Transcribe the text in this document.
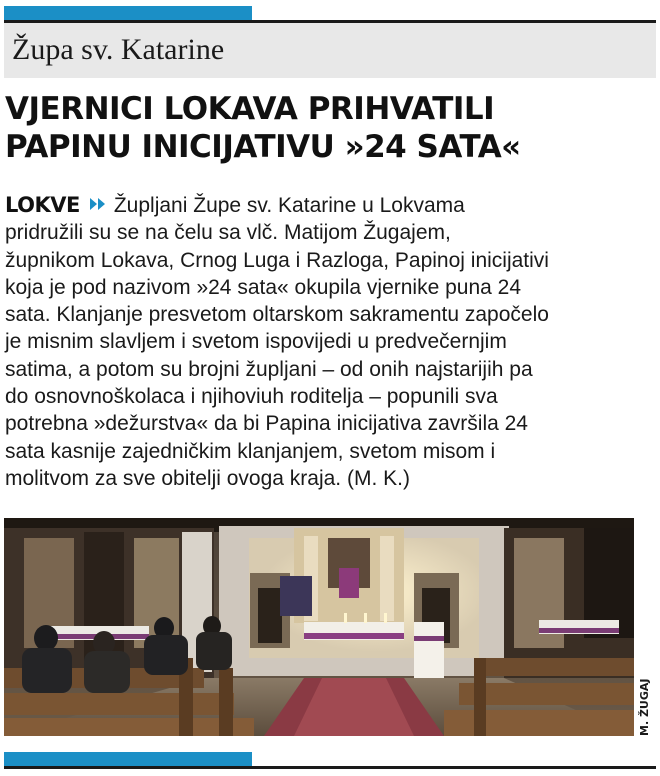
Župa sv. Katarine
VJERNICI LOKAVA PRIHVATILI
PAPINU INICIJATIVU »24 SATA«
LOKVE Župljani Župe sv. Katarine u Lokvama
pridružili su se na čelu sa vlč. Matijom Žugajem,
župnikom Lokava, Crnog Luga i Razloga, Papinoj inicijativi
koja je pod nazivom »24 sata« okupila vjernike puna 24
sata. Klanjanje presvetom oltarskom sakramentu započelo
je misnim slavljem i svetom ispovijedi u predvečernjim
satima, a potom su brojni župljani – od onih najstarijih pa
do osnovnoškolaca i njihoviuh roditelja – popunili sva
potrebna »dežurstva« da bi Papina inicijativa završila 24
sata kasnije zajedničkim klanjanjem, svetom misom i
molitvom za sve obitelji ovoga kraja. (M. K.)
M. ŽUGAJ
